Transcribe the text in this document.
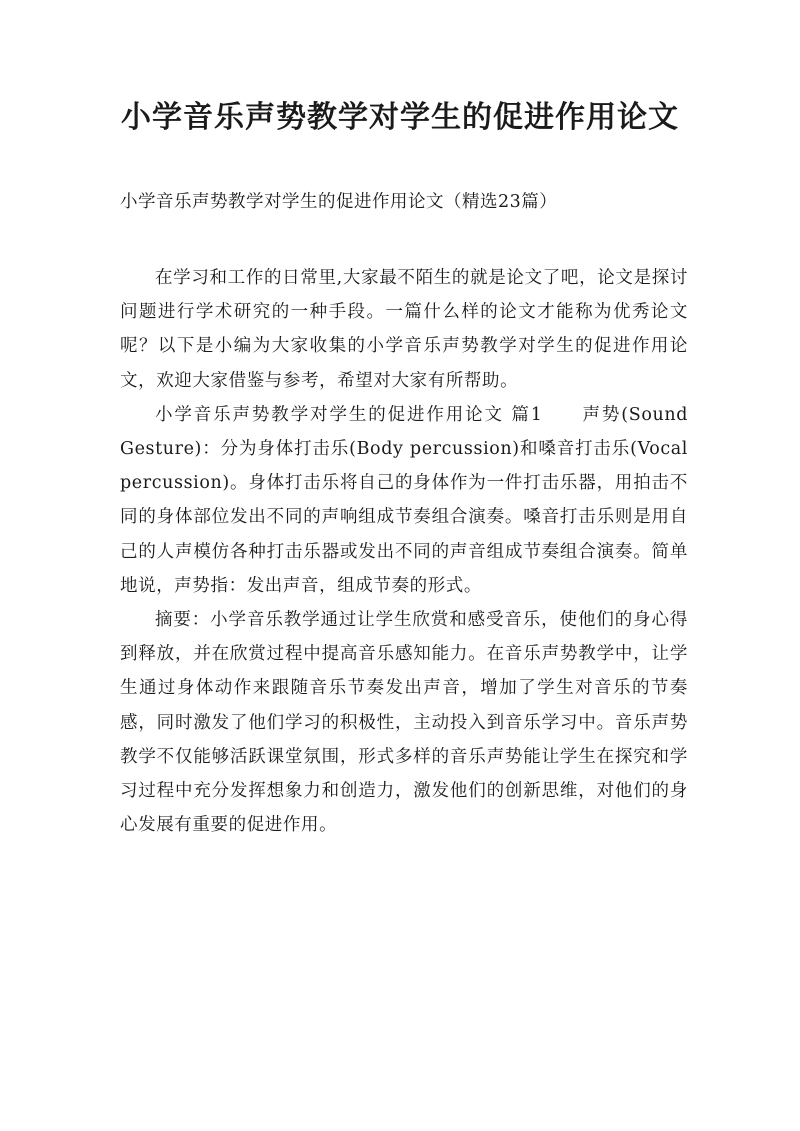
小学音乐声势教学对学生的促进作用论文
小学音乐声势教学对学生的促进作用论文（精选23篇）

在学习和工作的日常里,大家最不陌生的就是论文了吧，论文是探讨问题进行学术研究的一种手段。一篇什么样的论文才能称为优秀论文呢？以下是小编为大家收集的小学音乐声势教学对学生的促进作用论文，欢迎大家借鉴与参考，希望对大家有所帮助。

小学音乐声势教学对学生的促进作用论文 篇1　　声势(Sound Gesture)：分为身体打击乐(Body percussion)和嗓音打击乐(Vocal percussion)。身体打击乐将自己的身体作为一件打击乐器，用拍击不同的身体部位发出不同的声响组成节奏组合演奏。嗓音打击乐则是用自己的人声模仿各种打击乐器或发出不同的声音组成节奏组合演奏。简单地说，声势指：发出声音，组成节奏的形式。

摘要：小学音乐教学通过让学生欣赏和感受音乐，使他们的身心得到释放，并在欣赏过程中提高音乐感知能力。在音乐声势教学中，让学生通过身体动作来跟随音乐节奏发出声音，增加了学生对音乐的节奏感，同时激发了他们学习的积极性，主动投入到音乐学习中。音乐声势教学不仅能够活跃课堂氛围，形式多样的音乐声势能让学生在探究和学习过程中充分发挥想象力和创造力，激发他们的创新思维，对他们的身心发展有重要的促进作用。
